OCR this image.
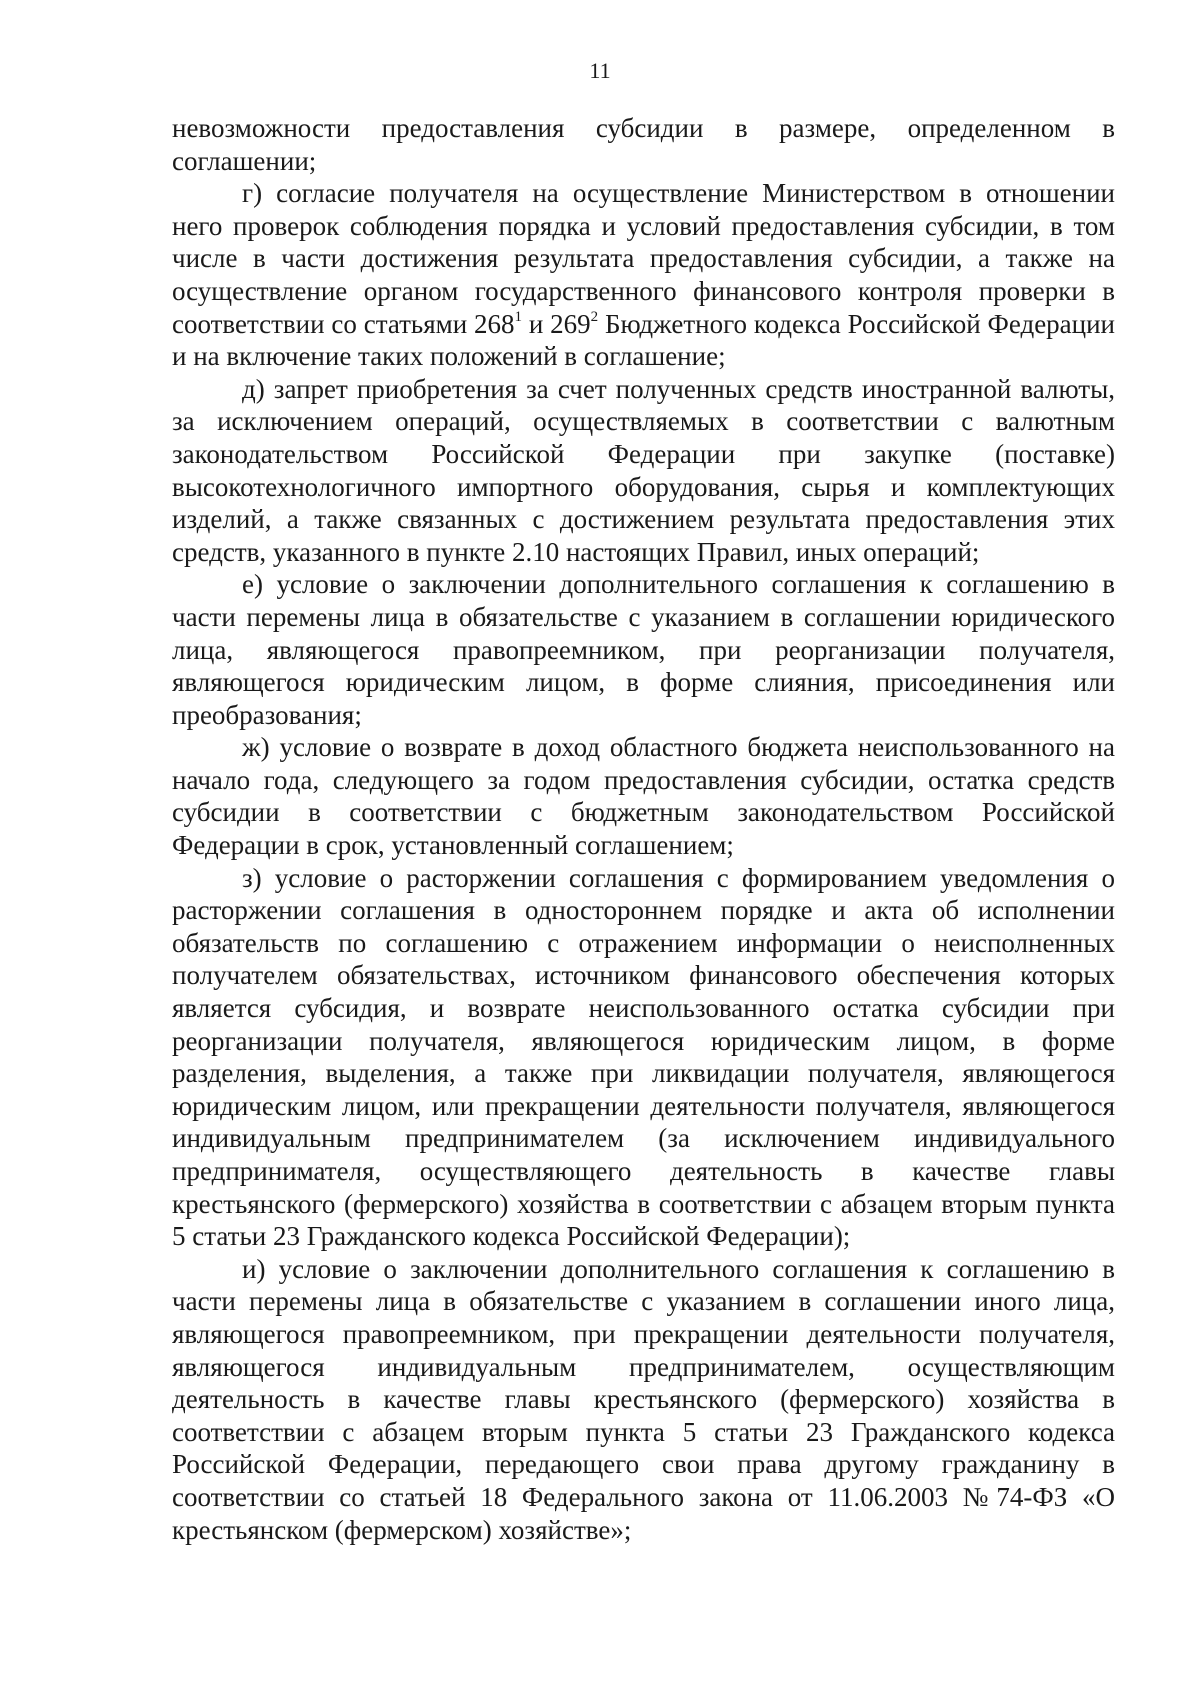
11

невозможности предоставления субсидии в размере, определенном в соглашении;

г) согласие получателя на осуществление Министерством в отношении него проверок соблюдения порядка и условий предоставления субсидии, в том числе в части достижения результата предоставления субсидии, а также на осуществление органом государственного финансового контроля проверки в соответствии со статьями $268^1$ и $269^2$ Бюджетного кодекса Российской Федерации и на включение таких положений в соглашение;

д) запрет приобретения за счет полученных средств иностранной валюты, за исключением операций, осуществляемых в соответствии с валютным законодательством Российской Федерации при закупке (поставке) высокотехнологичного импортного оборудования, сырья и комплектующих изделий, а также связанных с достижением результата предоставления этих средств, указанного в пункте 2.10 настоящих Правил, иных операций;

е) условие о заключении дополнительного соглашения к соглашению в части перемены лица в обязательстве с указанием в соглашении юридического лица, являющегося правопреемником, при реорганизации получателя, являющегося юридическим лицом, в форме слияния, присоединения или преобразования;

ж) условие о возврате в доход областного бюджета неиспользованного на начало года, следующего за годом предоставления субсидии, остатка средств субсидии в соответствии с бюджетным законодательством Российской Федерации в срок, установленный соглашением;

з) условие о расторжении соглашения с формированием уведомления о расторжении соглашения в одностороннем порядке и акта об исполнении обязательств по соглашению с отражением информации о неисполненных получателем обязательствах, источником финансового обеспечения которых является субсидия, и возврате неиспользованного остатка субсидии при реорганизации получателя, являющегося юридическим лицом, в форме разделения, выделения, а также при ликвидации получателя, являющегося юридическим лицом, или прекращении деятельности получателя, являющегося индивидуальным предпринимателем (за исключением индивидуального предпринимателя, осуществляющего деятельность в качестве главы крестьянского (фермерского) хозяйства в соответствии с абзацем вторым пункта 5 статьи 23 Гражданского кодекса Российской Федерации);

и) условие о заключении дополнительного соглашения к соглашению в части перемены лица в обязательстве с указанием в соглашении иного лица, являющегося правопреемником, при прекращении деятельности получателя, являющегося индивидуальным предпринимателем, осуществляющим деятельность в качестве главы крестьянского (фермерского) хозяйства в соответствии с абзацем вторым пункта 5 статьи 23 Гражданского кодекса Российской Федерации, передающего свои права другому гражданину в соответствии со статьей 18 Федерального закона от 11.06.2003 №74-ФЗ «О крестьянском (фермерском) хозяйстве»;
